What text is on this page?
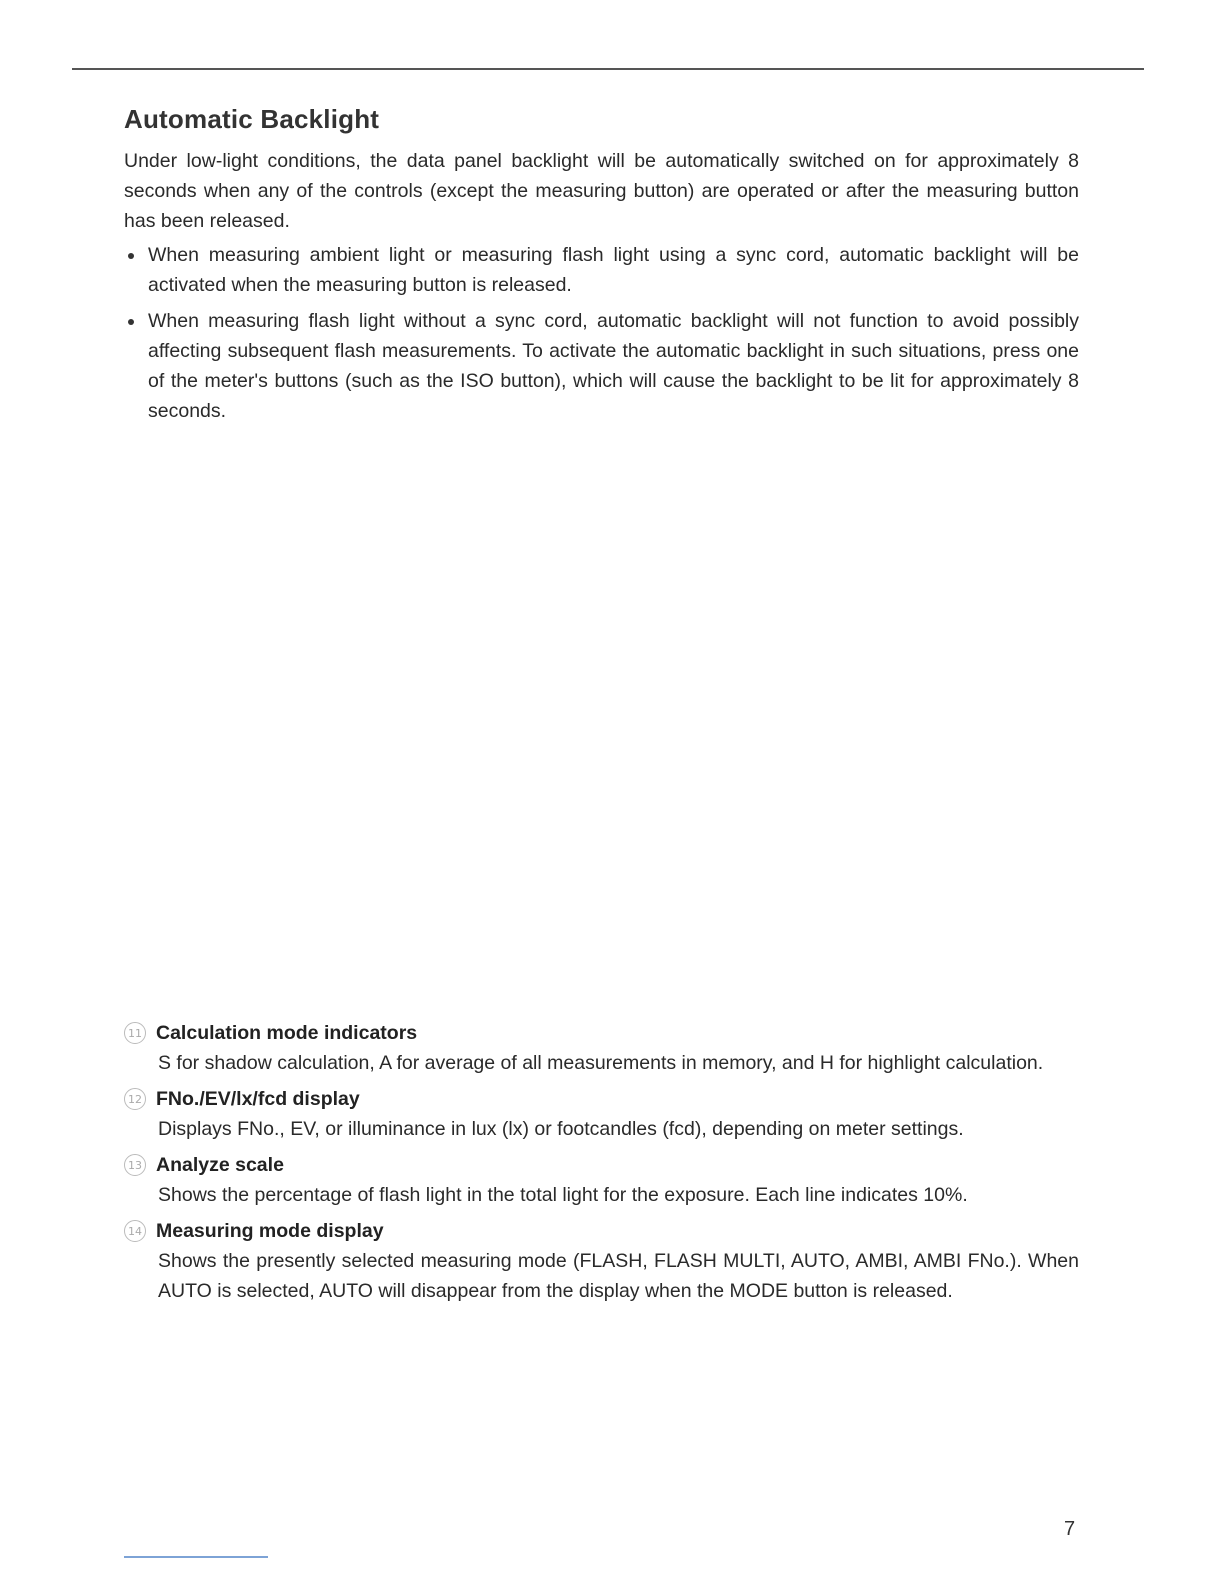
Automatic Backlight

Under low-light conditions, the data panel backlight will be automatically switched on for approximately 8 seconds when any of the controls (except the measuring button) are operated or after the measuring button has been released.

When measuring ambient light or measuring flash light using a sync cord, automatic backlight will be activated when the measuring button is released.
When measuring flash light without a sync cord, automatic backlight will not function to avoid possibly affecting subsequent flash measurements. To activate the automatic backlight in such situations, press one of the meter's buttons (such as the ISO button), which will cause the backlight to be lit for approximately 8 seconds.
11 Calculation mode indicators
S for shadow calculation, A for average of all measurements in memory, and H for highlight calculation.
12 FNo./EV/lx/fcd display
Displays FNo., EV, or illuminance in lux (lx) or footcandles (fcd), depending on meter settings.
13 Analyze scale
Shows the percentage of flash light in the total light for the exposure. Each line indicates 10%.
14 Measuring mode display
Shows the presently selected measuring mode (FLASH, FLASH MULTI, AUTO, AMBI, AMBI FNo.). When AUTO is selected, AUTO will disappear from the display when the MODE button is released.
7
